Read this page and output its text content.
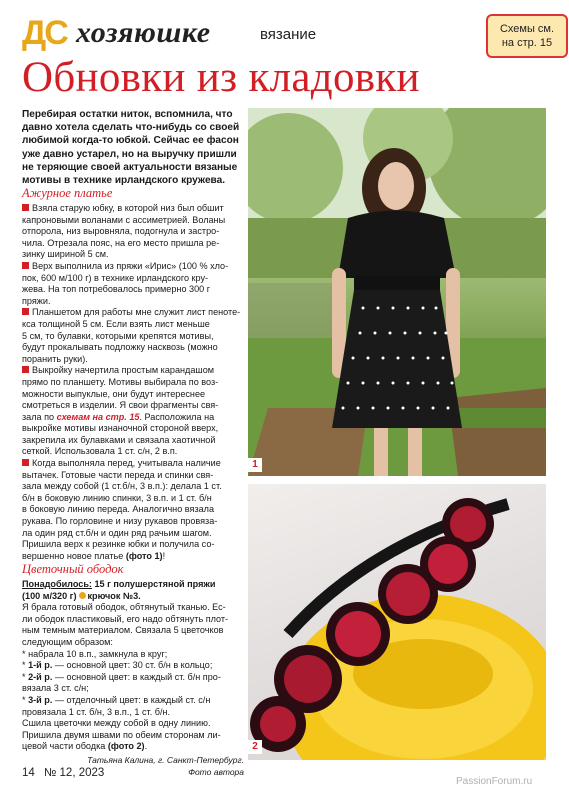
ДС хозяюшке	вязание	Схемы см.
на стр. 15
Обновки из кладовки

Перебирая остатки ниток, вспомнила, что

давно хотела сделать что-нибудь со своей

любимой когда-то юбкой. Сейчас ее фасон

уже давно устарел, но на выручку пришли

не теряющие своей актуальности вязаные

мотивы в технике ирландского кружева.

Ажурное платье

Взяла старую юбку, в которой низ был обшит

капроновыми воланами с ассиметрией. Воланы

отпорола, низ выровняла, подогнула и застро-

чила. Отрезала пояс, на его место пришла ре-

зинку шириной 5 см.

Верх выполнила из пряжи «Ирис» (100 % хло-

пок, 600 м/100 г) в технике ирландского кру-

жева. На топ потребовалось примерно 300 г

пряжи.

Планшетом для работы мне служит лист пеноте-

кса толщиной 5 см. Если взять лист меньше

5 см, то булавки, которыми крепятся мотивы,

будут прокалывать подложку насквозь (можно

поранить руки).

Выкройку начертила простым карандашом

прямо по планшету. Мотивы выбирала по воз-

можности выпуклые, они будут интереснее

смотреться в изделии. Я свои фрагменты свя-

зала по схемам на стр. 15. Расположила на

выкройке мотивы изнаночной стороной вверх,

закрепила их булавками и связала хаотичной

сеткой. Использовала 1 ст. с/н, 2 в.п.

Когда выполняла перед, учитывала наличие

вытачек. Готовые части переда и спинки свя-

зала между собой (1 ст.б/н, 3 в.п.): делала 1 ст.

б/н в боковую линию спинки, 3 в.п. и 1 ст. б/н

в боковую линию переда. Аналогично вязала

рукава. По горловине и низу рукавов провяза-

ла один ряд ст.б/н и один ряд рачьим шагом.

Пришила верх к резинке юбки и получила со-

вершенно новое платье (фото 1)!

Цветочный ободок

Понадобилось: 15 г полушерстяной пряжи

(100 м/320 г) крючок №3.

Я брала готовый ободок, обтянутый тканью. Ес-

ли ободок пластиковый, его надо обтянуть плот-

ным темным материалом. Связала 5 цветочков

следующим образом:

* набрала 10 в.п., замкнула в круг;

* 1-й р. — основной цвет: 30 ст. б/н в кольцо;

* 2-й р. — основной цвет: в каждый ст. б/н про-

вязала 3 ст. с/н;

* 3-й р. — отделочный цвет: в каждый ст. с/н

провязала 1 ст. б/н, 3 в.п., 1 ст. б/н.

Сшила цветочки между собой в одну линию.

Пришила двумя швами по обеим сторонам ли-

цевой части ободка (фото 2).

Татьяна Калина, г. Санкт-Петербург.

Фото автора

1
2
14 № 12, 2023
PassionForum.ru
